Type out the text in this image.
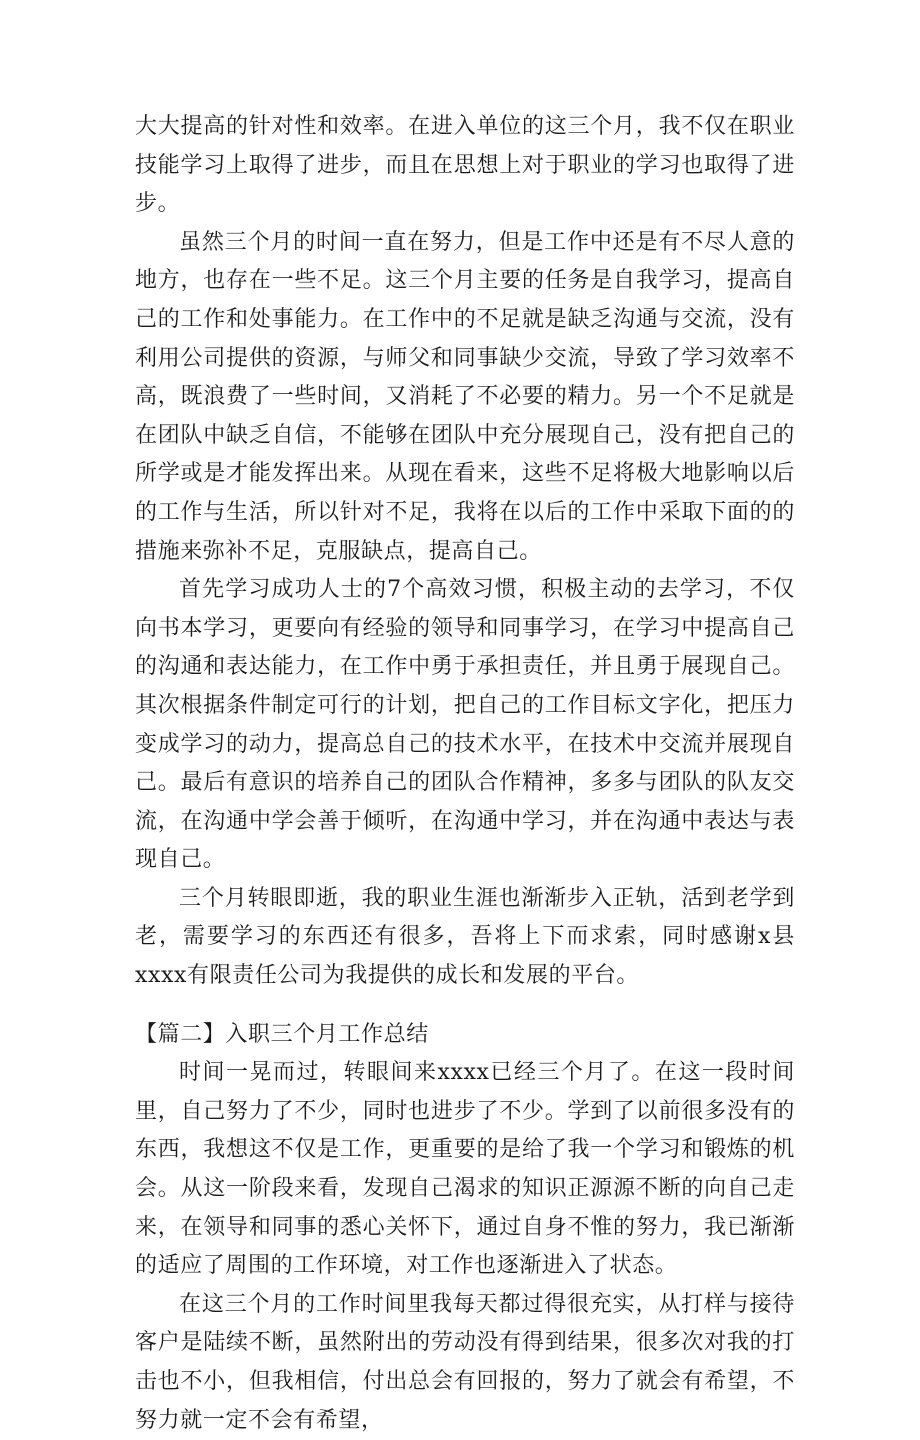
大大提高的针对性和效率。在进入单位的这三个月，我不仅在职业技能学习上取得了进步，而且在思想上对于职业的学习也取得了进步。

虽然三个月的时间一直在努力，但是工作中还是有不尽人意的地方，也存在一些不足。这三个月主要的任务是自我学习，提高自己的工作和处事能力。在工作中的不足就是缺乏沟通与交流，没有利用公司提供的资源，与师父和同事缺少交流，导致了学习效率不高，既浪费了一些时间，又消耗了不必要的精力。另一个不足就是在团队中缺乏自信，不能够在团队中充分展现自己，没有把自己的所学或是才能发挥出来。从现在看来，这些不足将极大地影响以后的工作与生活，所以针对不足，我将在以后的工作中采取下面的的措施来弥补不足，克服缺点，提高自己。

首先学习成功人士的7个高效习惯，积极主动的去学习，不仅向书本学习，更要向有经验的领导和同事学习，在学习中提高自己的沟通和表达能力，在工作中勇于承担责任，并且勇于展现自己。其次根据条件制定可行的计划，把自己的工作目标文字化，把压力变成学习的动力，提高总自己的技术水平，在技术中交流并展现自己。最后有意识的培养自己的团队合作精神，多多与团队的队友交流，在沟通中学会善于倾听，在沟通中学习，并在沟通中表达与表现自己。

三个月转眼即逝，我的职业生涯也渐渐步入正轨，活到老学到老，需要学习的东西还有很多，吾将上下而求索，同时感谢x县xxxx有限责任公司为我提供的成长和发展的平台。

【篇二】入职三个月工作总结

时间一晃而过，转眼间来xxxx已经三个月了。在这一段时间里，自己努力了不少，同时也进步了不少。学到了以前很多没有的东西，我想这不仅是工作，更重要的是给了我一个学习和锻炼的机会。从这一阶段来看，发现自己渴求的知识正源源不断的向自己走来，在领导和同事的悉心关怀下，通过自身不惟的努力，我已渐渐的适应了周围的工作环境，对工作也逐渐进入了状态。

在这三个月的工作时间里我每天都过得很充实，从打样与接待客户是陆续不断，虽然附出的劳动没有得到结果，很多次对我的打击也不小，但我相信，付出总会有回报的，努力了就会有希望，不努力就一定不会有希望，
